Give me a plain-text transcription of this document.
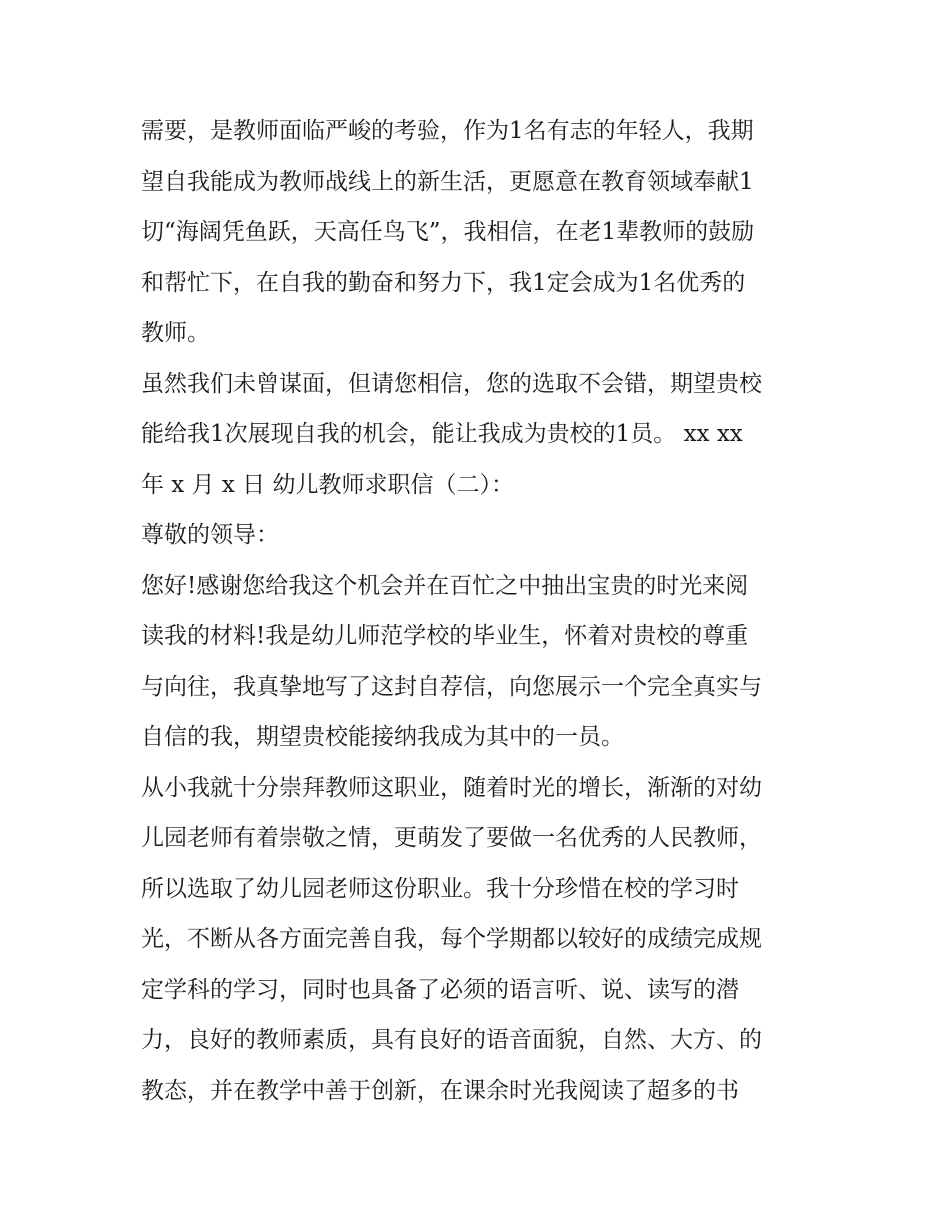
需要，是教师面临严峻的考验，作为1名有志的年轻人，我期
望自我能成为教师战线上的新生活，更愿意在教育领域奉献1
切“海阔凭鱼跃，天高任鸟飞”，我相信，在老1辈教师的鼓励
和帮忙下，在自我的勤奋和努力下，我1定会成为1名优秀的
教师。
虽然我们未曾谋面，但请您相信，您的选取不会错，期望贵校
能给我1次展现自我的机会，能让我成为贵校的1员。 xx xx
年 x 月 x 日 幼儿教师求职信（二）：
尊敬的领导：
您好!感谢您给我这个机会并在百忙之中抽出宝贵的时光来阅
读我的材料!我是幼儿师范学校的毕业生，怀着对贵校的尊重
与向往，我真挚地写了这封自荐信，向您展示一个完全真实与
自信的我，期望贵校能接纳我成为其中的一员。
从小我就十分崇拜教师这职业，随着时光的增长，渐渐的对幼
儿园老师有着崇敬之情，更萌发了要做一名优秀的人民教师，
所以选取了幼儿园老师这份职业。我十分珍惜在校的学习时
光，不断从各方面完善自我，每个学期都以较好的成绩完成规
定学科的学习，同时也具备了必须的语言听、说、读写的潜
力，良好的教师素质，具有良好的语音面貌，自然、大方、的
教态，并在教学中善于创新，在课余时光我阅读了超多的书
